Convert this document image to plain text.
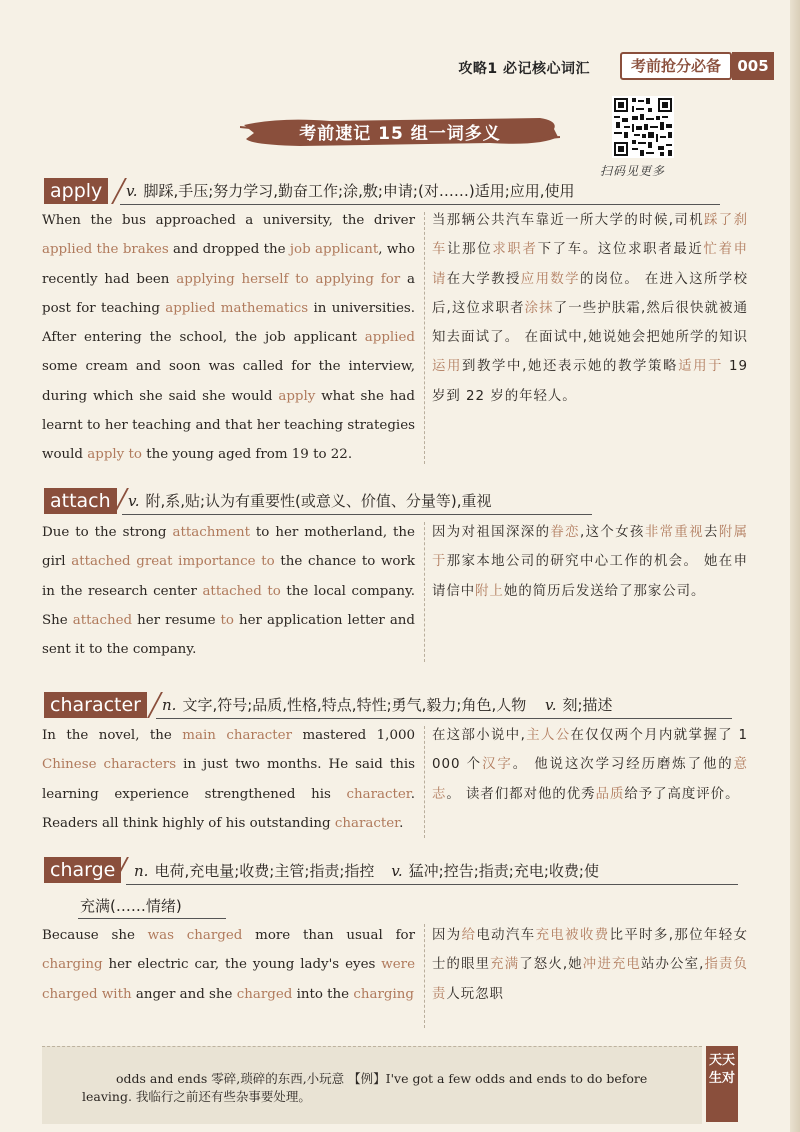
攻略1 必记核心词汇	考前抢分必备	005
考前速记 15 组一词多义
扫码见更多
apply	v. 脚踩,手压;努力学习,勤奋工作;涂,敷;申请;(对……)适用;应用,使用
When the bus approached a university, the driver applied the brakes and dropped the job applicant, who recently had been applying herself to applying for a post for teaching applied mathematics in universities. After entering the school, the job applicant applied some cream and soon was called for the interview, during which she said she would apply what she had learnt to her teaching and that her teaching strategies would apply to the young aged from 19 to 22.
当那辆公共汽车靠近一所大学的时候,司机踩了刹车让那位求职者下了车。这位求职者最近忙着申请在大学教授应用数学的岗位。 在进入这所学校后,这位求职者涂抹了一些护肤霜,然后很快就被通知去面试了。 在面试中,她说她会把她所学的知识运用到教学中,她还表示她的教学策略适用于 19 岁到 22 岁的年轻人。
attach	v. 附,系,贴;认为有重要性(或意义、价值、分量等),重视
Due to the strong attachment to her motherland, the girl attached great importance to the chance to work in the research center attached to the local company. She attached her resume to her application letter and sent it to the company.
因为对祖国深深的眷恋,这个女孩非常重视去附属于那家本地公司的研究中心工作的机会。 她在申请信中附上她的简历后发送给了那家公司。
character	n. 文字,符号;品质,性格,特点,特性;勇气,毅力;角色,人物 v. 刻;描述
In the novel, the main character mastered 1,000 Chinese characters in just two months. He said this learning experience strengthened his character. Readers all think highly of his outstanding character.
在这部小说中,主人公在仅仅两个月内就掌握了 1 000 个汉字。 他说这次学习经历磨炼了他的意志。 读者们都对他的优秀品质给予了高度评价。
charge	n. 电荷,充电量;收费;主管;指责;指控 v. 猛冲;控告;指责;充电;收费;使
充满(……情绪)
Because she was charged more than usual for charging her electric car, the young lady's eyes were charged with anger and she charged into the charging
因为给电动汽车充电被收费比平时多,那位年轻女士的眼里充满了怒火,她冲进充电站办公室,指责负责人玩忽职
odds and ends 零碎,琐碎的东西,小玩意 【例】I've got a few odds and ends to do before
leaving. 我临行之前还有些杂事要处理。
天天生对
